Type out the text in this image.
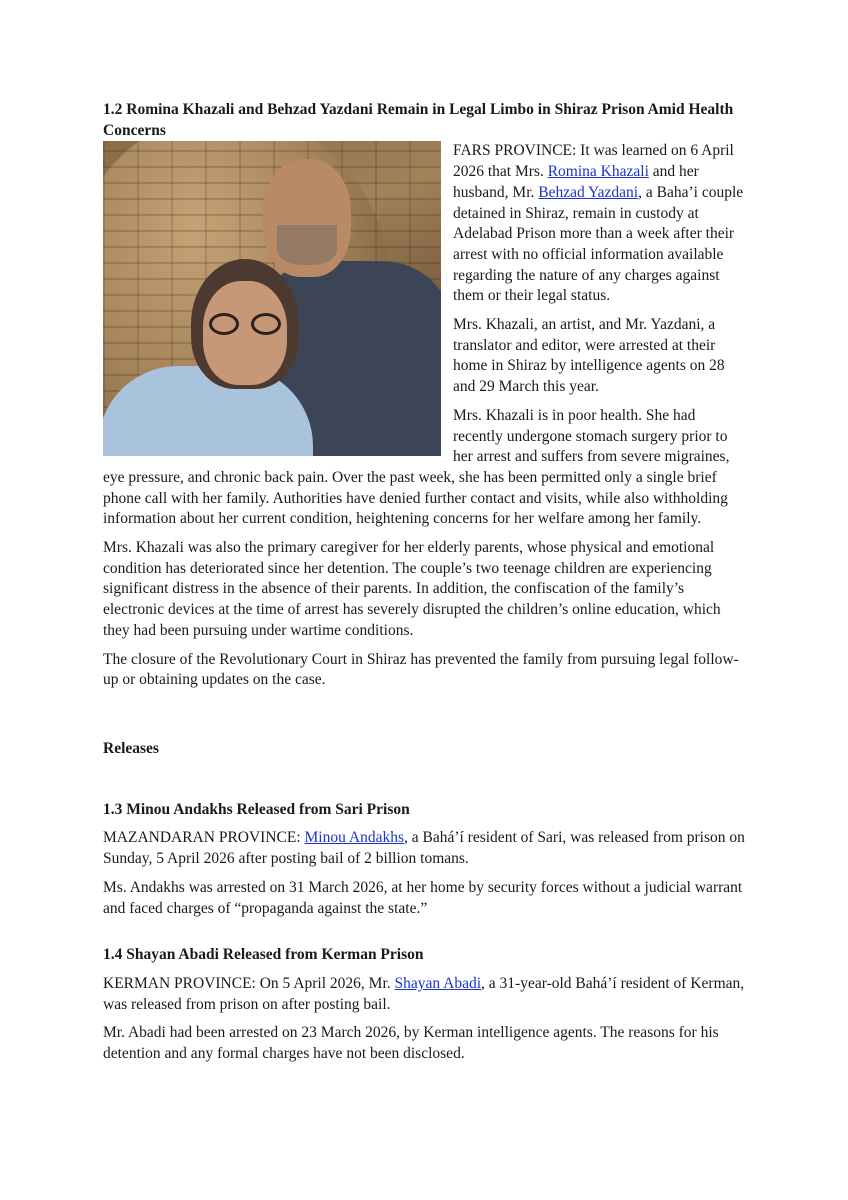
1.2 Romina Khazali and Behzad Yazdani Remain in Legal Limbo in Shiraz Prison Amid Health Concerns

FARS PROVINCE: It was learned on 6 April 2026 that Mrs. Romina Khazali and her husband, Mr. Behzad Yazdani, a Baha’i couple detained in Shiraz, remain in custody at Adelabad Prison more than a week after their arrest with no official information available regarding the nature of any charges against them or their legal status.

Mrs. Khazali, an artist, and Mr. Yazdani, a translator and editor, were arrested at their home in Shiraz by intelligence agents on 28 and 29 March this year.

Mrs. Khazali is in poor health. She had recently undergone stomach surgery prior to her arrest and suffers from severe migraines, eye pressure, and chronic back pain. Over the past week, she has been permitted only a single brief phone call with her family. Authorities have denied further contact and visits, while also withholding information about her current condition, heightening concerns for her welfare among her family.

Mrs. Khazali was also the primary caregiver for her elderly parents, whose physical and emotional condition has deteriorated since her detention. The couple’s two teenage children are experiencing significant distress in the absence of their parents. In addition, the confiscation of the family’s electronic devices at the time of arrest has severely disrupted the children’s online education, which they had been pursuing under wartime conditions.

The closure of the Revolutionary Court in Shiraz has prevented the family from pursuing legal follow-up or obtaining updates on the case.

Releases
1.3 Minou Andakhs Released from Sari Prison

MAZANDARAN PROVINCE: Minou Andakhs, a Bahá’í resident of Sari, was released from prison on Sunday, 5 April 2026 after posting bail of 2 billion tomans.

Ms. Andakhs was arrested on 31 March 2026, at her home by security forces without a judicial warrant and faced charges of “propaganda against the state.”

1.4 Shayan Abadi Released from Kerman Prison

KERMAN PROVINCE: On 5 April 2026, Mr. Shayan Abadi, a 31-year-old Bahá’í resident of Kerman, was released from prison on after posting bail.

Mr. Abadi had been arrested on 23 March 2026, by Kerman intelligence agents. The reasons for his detention and any formal charges have not been disclosed.
